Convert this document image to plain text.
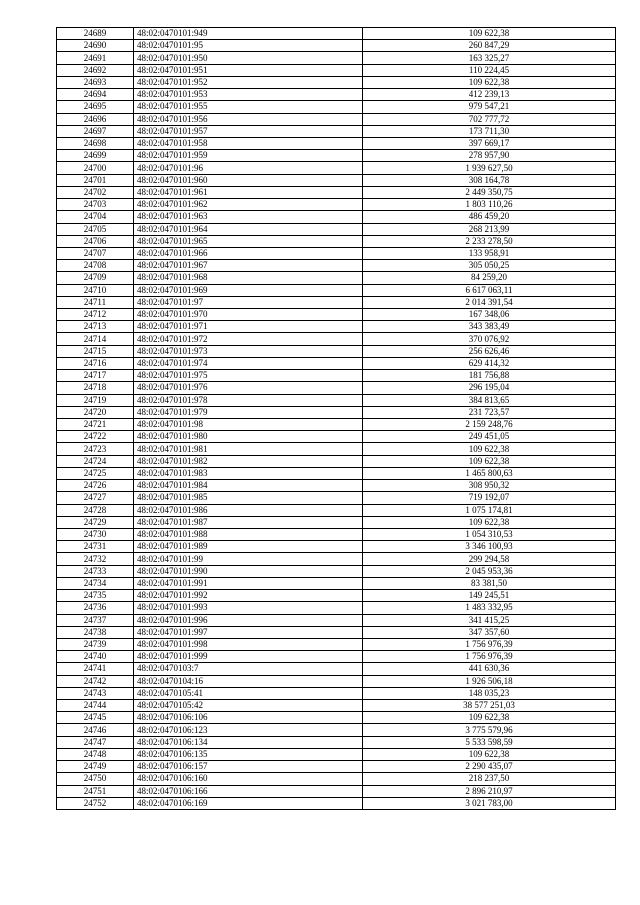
24689	48:02:0470101:949	109 622,38
24690	48:02:0470101:95	260 847,29
24691	48:02:0470101:950	163 325,27
24692	48:02:0470101:951	110 224,45
24693	48:02:0470101:952	109 622,38
24694	48:02:0470101:953	412 239,13
24695	48:02:0470101:955	979 547,21
24696	48:02:0470101:956	702 777,72
24697	48:02:0470101:957	173 711,30
24698	48:02:0470101:958	397 669,17
24699	48:02:0470101:959	278 957,90
24700	48:02:0470101:96	1 939 627,50
24701	48:02:0470101:960	308 164,78
24702	48:02:0470101:961	2 449 350,75
24703	48:02:0470101:962	1 803 110,26
24704	48:02:0470101:963	486 459,20
24705	48:02:0470101:964	268 213,99
24706	48:02:0470101:965	2 233 278,50
24707	48:02:0470101:966	133 958,91
24708	48:02:0470101:967	305 050,25
24709	48:02:0470101:968	84 259,20
24710	48:02:0470101:969	6 617 063,11
24711	48:02:0470101:97	2 014 391,54
24712	48:02:0470101:970	167 348,06
24713	48:02:0470101:971	343 383,49
24714	48:02:0470101:972	370 076,92
24715	48:02:0470101:973	256 626,46
24716	48:02:0470101:974	629 414,32
24717	48:02:0470101:975	181 756,88
24718	48:02:0470101:976	296 195,04
24719	48:02:0470101:978	384 813,65
24720	48:02:0470101:979	231 723,57
24721	48:02:0470101:98	2 159 248,76
24722	48:02:0470101:980	249 451,05
24723	48:02:0470101:981	109 622,38
24724	48:02:0470101:982	109 622,38
24725	48:02:0470101:983	1 465 800,63
24726	48:02:0470101:984	308 950,32
24727	48:02:0470101:985	719 192,07
24728	48:02:0470101:986	1 075 174,81
24729	48:02:0470101:987	109 622,38
24730	48:02:0470101:988	1 054 310,53
24731	48:02:0470101:989	3 346 100,93
24732	48:02:0470101:99	299 294,58
24733	48:02:0470101:990	2 045 953,36
24734	48:02:0470101:991	83 381,50
24735	48:02:0470101:992	149 245,51
24736	48:02:0470101:993	1 483 332,95
24737	48:02:0470101:996	341 415,25
24738	48:02:0470101:997	347 357,60
24739	48:02:0470101:998	1 756 976,39
24740	48:02:0470101:999	1 756 976,39
24741	48:02:0470103:7	441 630,36
24742	48:02:0470104:16	1 926 506,18
24743	48:02:0470105:41	148 035,23
24744	48:02:0470105:42	38 577 251,03
24745	48:02:0470106:106	109 622,38
24746	48:02:0470106:123	3 775 579,96
24747	48:02:0470106:134	5 533 598,59
24748	48:02:0470106:135	109 622,38
24749	48:02:0470106:157	2 290 435,07
24750	48:02:0470106:160	218 237,50
24751	48:02:0470106:166	2 896 210,97
24752	48:02:0470106:169	3 021 783,00
